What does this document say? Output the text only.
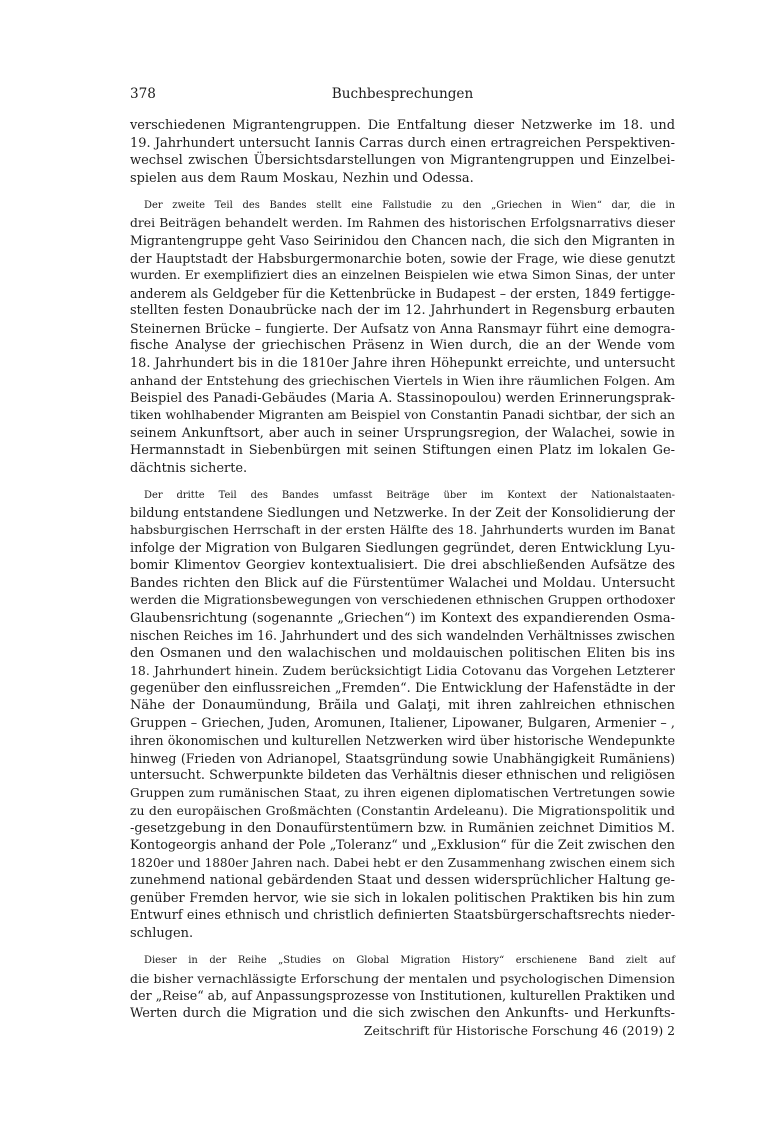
378	Buchbesprechungen
verschiedenen Migrantengruppen. Die Entfaltung dieser Netzwerke im 18. und
19. Jahrhundert untersucht Iannis Carras durch einen ertragreichen Perspektiven-
wechsel zwischen Übersichtsdarstellungen von Migrantengruppen und Einzelbei-
spielen aus dem Raum Moskau, Nezhin und Odessa.
Der zweite Teil des Bandes stellt eine Fallstudie zu den „Griechen in Wien“ dar, die in
drei Beiträgen behandelt werden. Im Rahmen des historischen Erfolgsnarrativs dieser
Migrantengruppe geht Vaso Seirinidou den Chancen nach, die sich den Migranten in
der Hauptstadt der Habsburgermonarchie boten, sowie der Frage, wie diese genutzt
wurden. Er exemplifiziert dies an einzelnen Beispielen wie etwa Simon Sinas, der unter
anderem als Geldgeber für die Kettenbrücke in Budapest – der ersten, 1849 fertigge-
stellten festen Donaubrücke nach der im 12. Jahrhundert in Regensburg erbauten
Steinernen Brücke – fungierte. Der Aufsatz von Anna Ransmayr führt eine demogra-
fische Analyse der griechischen Präsenz in Wien durch, die an der Wende vom
18. Jahrhundert bis in die 1810er Jahre ihren Höhepunkt erreichte, und untersucht
anhand der Entstehung des griechischen Viertels in Wien ihre räumlichen Folgen. Am
Beispiel des Panadi-Gebäudes (Maria A. Stassinopoulou) werden Erinnerungsprak-
tiken wohlhabender Migranten am Beispiel von Constantin Panadi sichtbar, der sich an
seinem Ankunftsort, aber auch in seiner Ursprungsregion, der Walachei, sowie in
Hermannstadt in Siebenbürgen mit seinen Stiftungen einen Platz im lokalen Ge-
dächtnis sicherte.
Der dritte Teil des Bandes umfasst Beiträge über im Kontext der Nationalstaaten-
bildung entstandene Siedlungen und Netzwerke. In der Zeit der Konsolidierung der
habsburgischen Herrschaft in der ersten Hälfte des 18. Jahrhunderts wurden im Banat
infolge der Migration von Bulgaren Siedlungen gegründet, deren Entwicklung Lyu-
bomir Klimentov Georgiev kontextualisiert. Die drei abschließenden Aufsätze des
Bandes richten den Blick auf die Fürstentümer Walachei und Moldau. Untersucht
werden die Migrationsbewegungen von verschiedenen ethnischen Gruppen orthodoxer
Glaubensrichtung (sogenannte „Griechen“) im Kontext des expandierenden Osma-
nischen Reiches im 16. Jahrhundert und des sich wandelnden Verhältnisses zwischen
den Osmanen und den walachischen und moldauischen politischen Eliten bis ins
18. Jahrhundert hinein. Zudem berücksichtigt Lidia Cotovanu das Vorgehen Letzterer
gegenüber den einflussreichen „Fremden“. Die Entwicklung der Hafenstädte in der
Nähe der Donaumündung, Brăila und Galaţi, mit ihren zahlreichen ethnischen
Gruppen – Griechen, Juden, Aromunen, Italiener, Lipowaner, Bulgaren, Armenier – ,
ihren ökonomischen und kulturellen Netzwerken wird über historische Wendepunkte
hinweg (Frieden von Adrianopel, Staatsgründung sowie Unabhängigkeit Rumäniens)
untersucht. Schwerpunkte bildeten das Verhältnis dieser ethnischen und religiösen
Gruppen zum rumänischen Staat, zu ihren eigenen diplomatischen Vertretungen sowie
zu den europäischen Großmächten (Constantin Ardeleanu). Die Migrationspolitik und
-gesetzgebung in den Donaufürstentümern bzw. in Rumänien zeichnet Dimitios M.
Kontogeorgis anhand der Pole „Toleranz“ und „Exklusion“ für die Zeit zwischen den
1820er und 1880er Jahren nach. Dabei hebt er den Zusammenhang zwischen einem sich
zunehmend national gebärdenden Staat und dessen widersprüchlicher Haltung ge-
genüber Fremden hervor, wie sie sich in lokalen politischen Praktiken bis hin zum
Entwurf eines ethnisch und christlich definierten Staatsbürgerschaftsrechts nieder-
schlugen.
Dieser in der Reihe „Studies on Global Migration History“ erschienene Band zielt auf
die bisher vernachlässigte Erforschung der mentalen und psychologischen Dimension
der „Reise“ ab, auf Anpassungsprozesse von Institutionen, kulturellen Praktiken und
Werten durch die Migration und die sich zwischen den Ankunfts- und Herkunfts-
Zeitschrift für Historische Forschung 46 (2019) 2
